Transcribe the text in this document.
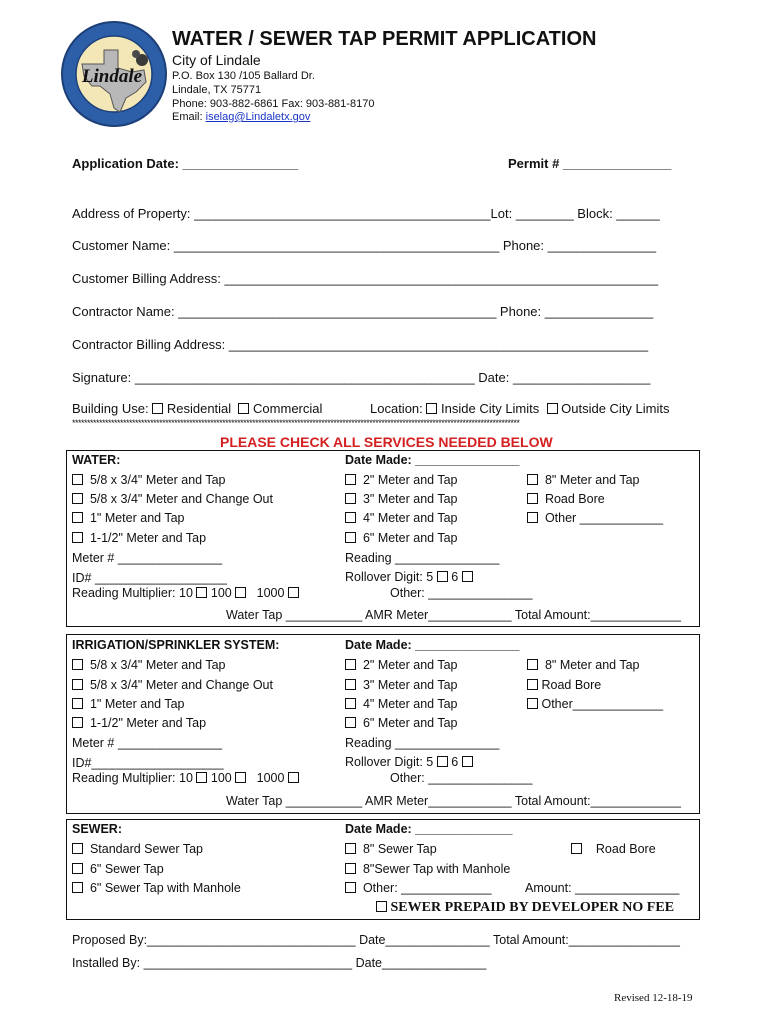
Lindale
WATER / SEWER TAP PERMIT APPLICATION
City of Lindale
P.O. Box 130 /105 Ballard Dr.
Lindale, TX 75771
Phone: 903-882-6861 Fax: 903-881-8170
Email: iselag@Lindaletx.gov
Application Date: ________________	Permit # _______________
Address of Property: _________________________________________Lot: ________ Block: ______
Customer Name: _____________________________________________ Phone: _______________
Customer Billing Address: ____________________________________________________________
Contractor Name: ____________________________________________ Phone: _______________
Contractor Billing Address: __________________________________________________________
Signature: _______________________________________________ Date: ___________________
Building Use: Residential Commercial	Location: Inside City Limits Outside City Limits
*****************************************************************************************************************************************************
PLEASE CHECK ALL SERVICES NEEDED BELOW
WATER:	Date Made: _______________
5/8 x 3/4" Meter and Tap
5/8 x 3/4" Meter and Change Out
1" Meter and Tap
1-1/2" Meter and Tap
Meter # _______________
ID# ___________________
Reading Multiplier: 10 100 1000
2" Meter and Tap
3" Meter and Tap
4" Meter and Tap
6" Meter and Tap
Reading _______________
Rollover Digit: 5 6
Other: _______________
8" Meter and Tap
Road Bore
Other ____________
Water Tap ___________ AMR Meter____________ Total Amount:_____________
IRRIGATION/SPRINKLER SYSTEM:	Date Made: _______________
5/8 x 3/4" Meter and Tap
5/8 x 3/4" Meter and Change Out
1" Meter and Tap
1-1/2" Meter and Tap
Meter # _______________
ID#___________________
Reading Multiplier: 10 100 1000
2" Meter and Tap
3" Meter and Tap
4" Meter and Tap
6" Meter and Tap
Reading _______________
Rollover Digit: 5 6
Other: _______________
8" Meter and Tap
Road Bore
Other_____________
Water Tap ___________ AMR Meter____________ Total Amount:_____________
SEWER:	Date Made: ______________
Standard Sewer Tap
6" Sewer Tap
6" Sewer Tap with Manhole
8" Sewer Tap
8"Sewer Tap with Manhole
Other: _____________
Road Bore
Amount: _______________
SEWER PREPAID BY DEVELOPER NO FEE
Proposed By:______________________________ Date_______________ Total Amount:________________
Installed By: ______________________________ Date_______________
Revised 12-18-19
